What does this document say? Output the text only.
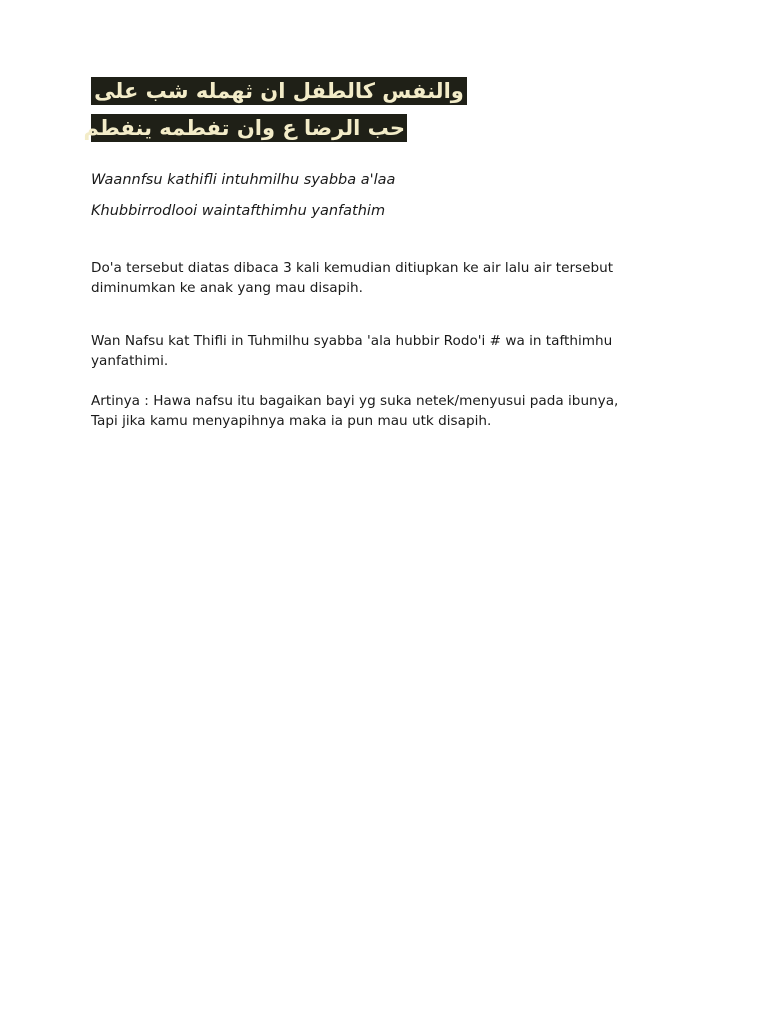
والنفس كالطفل ان ثهمله شب على
حب الرضا ع وان تفطمه ينفطم
Waannfsu kathifli intuhmilhu syabba a'laa
Khubbirrodlooi waintafthimhu yanfathim
Do'a tersebut diatas dibaca 3 kali kemudian ditiupkan ke air lalu air tersebut
diminumkan ke anak yang mau disapih.
Wan Nafsu kat Thifli in Tuhmilhu syabba 'ala hubbir Rodo'i # wa in tafthimhu
yanfathimi.
Artinya : Hawa nafsu itu bagaikan bayi yg suka netek/menyusui pada ibunya,
Tapi jika kamu menyapihnya maka ia pun mau utk disapih.
